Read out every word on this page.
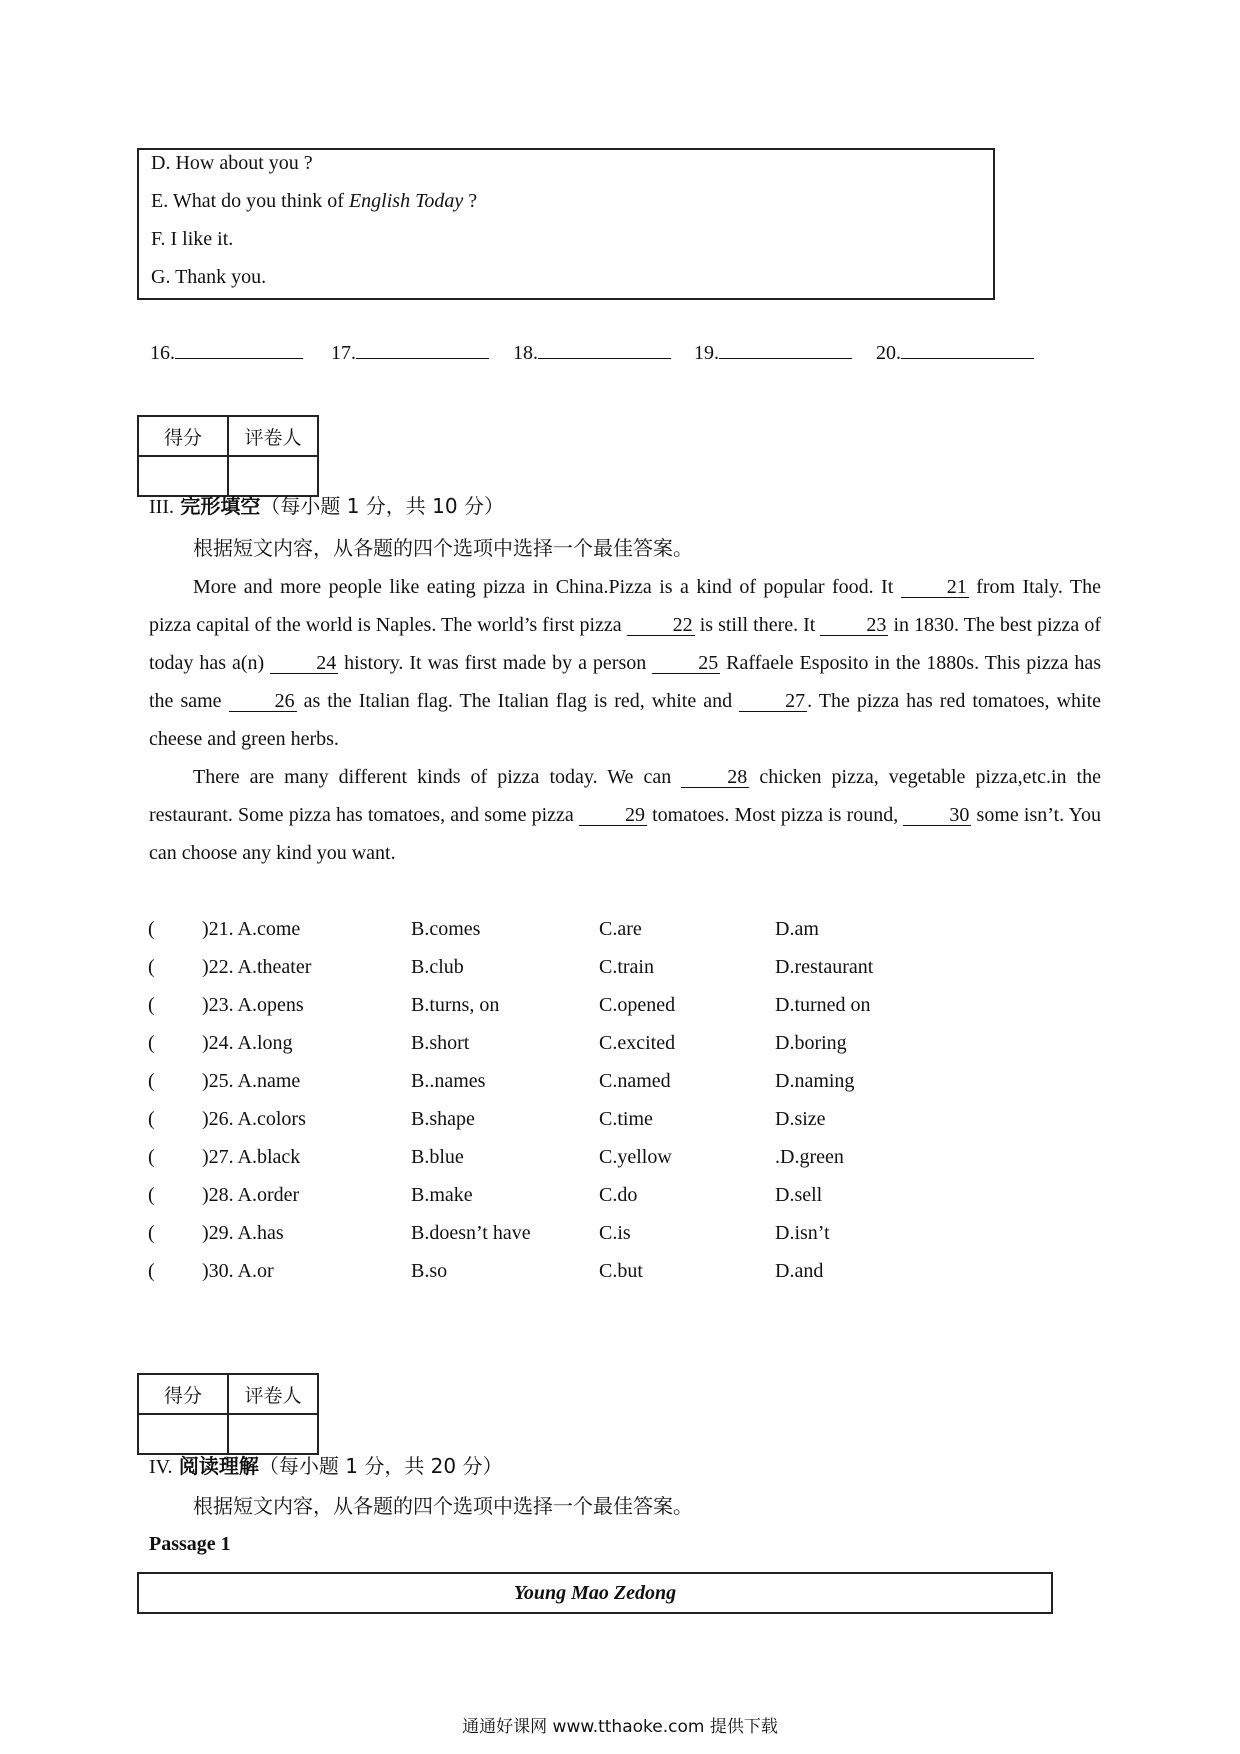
D. How about you ?
E. What do you think of English Today ?
F. I like it.
G. Thank you.
16.	17.	18.	19.	20.
得分	评卷人

III. 完形填空（每小题 1 分，共 10 分）
根据短文内容，从各题的四个选项中选择一个最佳答案。

More and more people like eating pizza in China.Pizza is a kind of popular food. It 21 from Italy. The pizza capital of the world is Naples. The world’s first pizza 22 is still there. It 23 in 1830. The best pizza of today has a(n) 24 history. It was first made by a person 25 Raffaele Esposito in the 1880s. This pizza has the same 26 as the Italian flag. The Italian flag is red, white and 27 . The pizza has red tomatoes, white cheese and green herbs.

There are many different kinds of pizza today. We can 28 chicken pizza, vegetable pizza,etc.in the restaurant. Some pizza has tomatoes, and some pizza 29 tomatoes. Most pizza is round, 30 some isn’t. You can choose any kind you want.

( )21. A.come	B.comes	C.are	D.am
( )22. A.theater	B.club	C.train	D.restaurant
( )23. A.opens	B.turns, on	C.opened	D.turned on
( )24. A.long	B.short	C.excited	D.boring
( )25. A.name	B..names	C.named	D.naming
( )26. A.colors	B.shape	C.time	D.size
( )27. A.black	B.blue	C.yellow	.D.green
( )28. A.order	B.make	C.do	D.sell
( )29. A.has	B.doesn’t have	C.is	D.isn’t
( )30. A.or	B.so	C.but	D.and
得分	评卷人

IV. 阅读理解（每小题 1 分，共 20 分）
根据短文内容，从各题的四个选项中选择一个最佳答案。
Passage 1
Young Mao Zedong
通通好课网 www.tthaoke.com 提供下载
